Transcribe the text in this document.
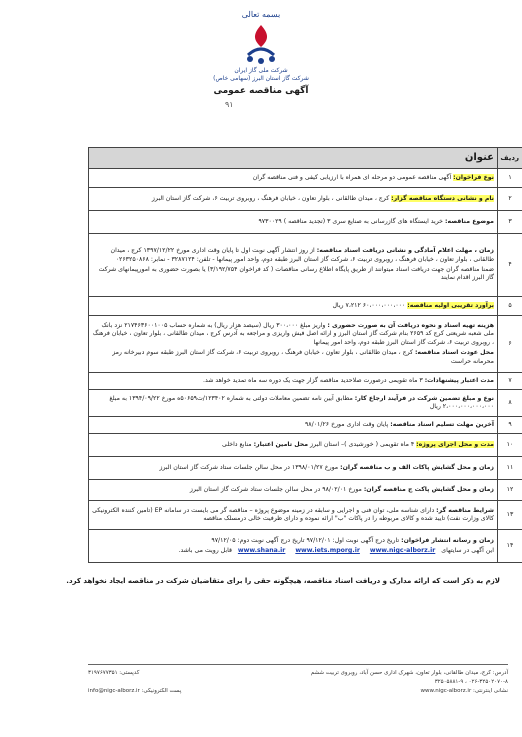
بسمه تعالی
شرکت ملی گاز ایران
شرکت گاز استان البرز (سهامی خاص)
آگهی مناقصه عمومی
۹۱
ردیف	عنوان
۱	نوع فراخوان: آگهی مناقصه عمومی دو مرحله ای همراه با ارزیابی کیفی و فنی مناقصه گران
۲	نام و نشانی دستگاه مناقصه گزار: کرج ، میدان طالقانی ، بلوار تعاون ، خیابان فرهنگ ، روبروی تربیت ۶، شرکت گاز استان البرز
۳	موضوع مناقصه: خرید ایستگاه های گازرسانی به صنایع سری ۳ (تجدید مناقصه ) ۹۷۳۰۰۲۹
۴	زمان ، مهلت اعلام آمادگی و نشانی دریافت اسناد مناقصه: از روز انتشار آگهی نوبت اول تا پایان وقت اداری مورخ ۱۳۹۷/۱۲/۲۲ کرج ، میدان طالقانی ، بلوار تعاون ، خیابان فرهنگ ، روبروی تربیت ۶، شرکت گاز استان البرز طبقه دوم، واحد امور پیمانها - تلفن: ۳۲۸۷۱۲۴ - نمابر: ۰۲۶۳۲۵۰۸۶۸
ضمنا مناقصه گران جهت دریافت اسناد میتوانند از طریق پایگاه اطلاع رسانی مناقصات ( کد فراخوان ۳/۱۹۲/۷۵۴) یا بصورت حضوری به امورپیمانهای شرکت گاز البرز اقدام نمایند

۵	برآورد تقریبی اولیه مناقصه: ۶۰،۰۰۰،۰۰۰،۰۰۰ ۷،۲۱۲ ریال
۶	هزینه تهیه اسناد و نحوه دریافت آن به صورت حضوری : واریز مبلغ ۳۰۰،۰۰۰ ریال (سیصد هزار ریال) به شماره حساب ۲۱۷۴۶۳۶۰۰۱۰۰۵ نزد بانک ملی شعبه شریعتی کرج کد ۲۶۵۹ بنام شرکت گاز استان البرز و ارائه اصل فیش واریزی و مراجعه به آدرس کرج ، میدان طالقانی ، بلوار تعاون ، خیابان فرهنگ ، روبروی تربیت ۶، شرکت گاز استان البرز طبقه دوم، واحد امور پیمانها
محل عودت اسناد مناقصه: کرج ، میدان طالقانی ، بلوار تعاون ، خیابان فرهنگ ، روبروی تربیت ۶، شرکت گاز استان البرز طبقه سوم دبیرخانه رمز محرمانه حراست

۷	مدت اعتبار پیشنهادات: ۳ ماه تقویمی درصورت صلاحدید مناقصه گزار جهت یک دوره سه ماه تمدید خواهد شد.
۸	نوع و مبلغ تضمین شرکت در فرآیند ارجاع کار: مطابق آیین نامه تضمین معاملات دولتی به شماره ۱۲۳۴۰۲/ت۵۰۶۵۹ه مورخ ۱۳۹۴/۰۹/۲۲ به مبلغ ۲،۰۰۰،۰۰۰،۰۰۰،۰۰۰ ریال
۹	آخرین مهلت تسلیم اسناد مناقصه: پایان وقت اداری مورخ ۹۸/۰۱/۲۶
۱۰	مدت و محل اجرای پروژه: ۴ ماه تقویمی ( خورشیدی )– استان البرز محل تامین اعتبار: منابع داخلی
۱۱	زمان و محل گشایش پاکات الف و ب مناقصه گران: مورخ ۱۳۹۸/۰۱/۲۷ در محل سالن جلسات ستاد شرکت گاز استان البرز
۱۲	زمان و محل گشایش پاکت ج مناقصه گران: مورخ ۹۸/۰۲/۰۱ در محل سالن جلسات ستاد شرکت گاز استان البرز
۱۳	شرایط مناقصه گر: دارای شناسه ملی، توان فنی و اجرایی و سابقه در زمینه موضوع پروژه – مناقصه گر می بایست در سامانه EP (تامین کننده الکترونیکی کالای وزارت نفت) تایید شده و کالای مربوطه را در پاکات "ب" ارائه نموده و دارای ظرفیت خالی درمسلک مناقصه
۱۴	زمان و رسانه انتشار فراخوان: تاریخ درج آگهی نوبت اول: ۹۷/۱۲/۰۱ تاریخ درج آگهی نوبت دوم: ۹۷/۱۲/۰۵
این آگهی در سایتهای www.shana.ir www.iets.mporg.ir www.nigc-alborz.ir قابل رویت می باشد.
لازم به ذکر است که ارائه مدارک و دریافت اسناد مناقصه، هیچگونه حقی را برای متقاضیان شرکت در مناقصه ایجاد نخواهد کرد.
آدرس: کرج، میدان طالقانی، بلوار تعاون، شهرک اداری حسن آباد، روبروی تربیت ششم
کدپستی: ۳۱۹۷۶۷۷۳۵۱
۰۲۶-۳۲۵۰۲۰۷۰-۸ ، ۳۲۵۰۵۸۸۱-۹
نشانی اینترنتی: www.nigc-alborz.ir
پست الکترونیکی: info@nigc-alborz.ir
